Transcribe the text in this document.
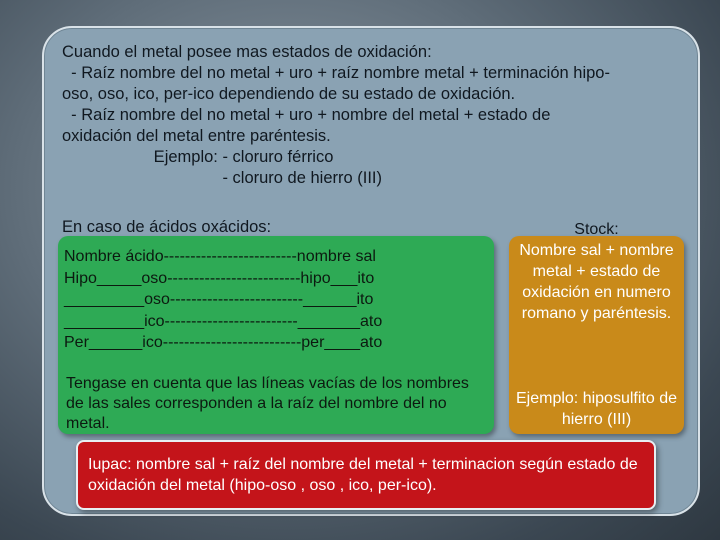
Cuando el metal posee mas estados de oxidación:

- Raíz nombre del no metal + uro + raíz nombre metal + terminación hipo-

oso, oso, ico, per-ico dependiendo de su estado de oxidación.

- Raíz nombre del no metal + uro + nombre del metal + estado de

oxidación del metal entre paréntesis.

Ejemplo: - cloruro férrico

- cloruro de hierro (III)

En caso de ácidos oxácidos:

Nombre ácido-------------------------nombre sal

Hipo_____oso-------------------------hipo___ito

_________oso-------------------------______ito

_________ico-------------------------_______ato

Per______ico--------------------------per____ato

Tengase en cuenta que las líneas vacías de los nombres de las sales corresponden a la raíz del nombre del no metal.

Nombre sal + nombre metal + estado de oxidación en numero romano y paréntesis.

Ejemplo: hiposulfito de hierro (III)

Stock:

Iupac: nombre sal + raíz del nombre del metal + terminacion según estado de oxidación del metal (hipo-oso , oso , ico, per-ico).
